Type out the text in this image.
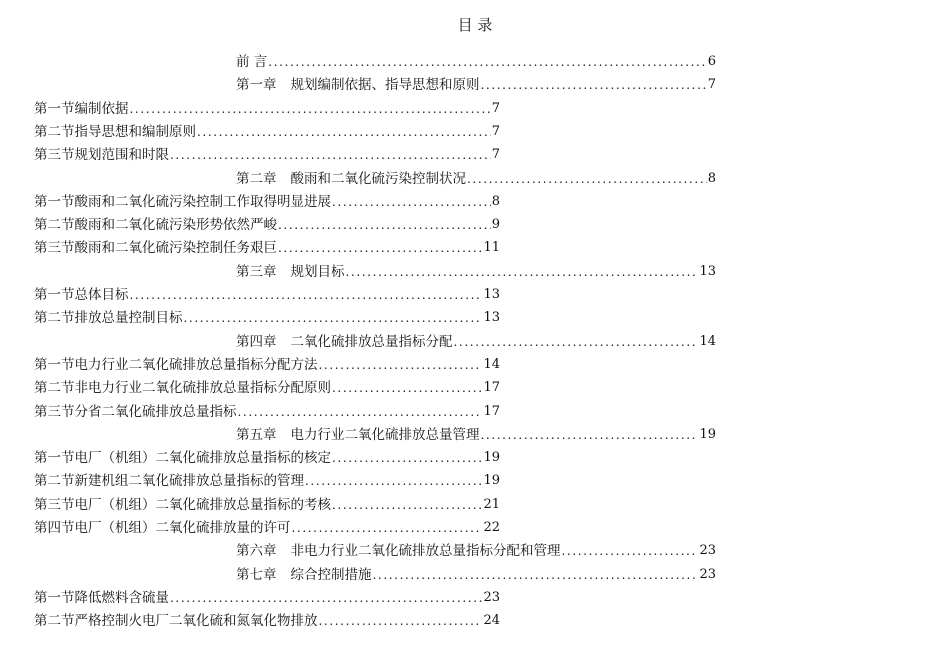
目 录
前 言 .....	6
第一章 规划编制依据、指导思想和原则 .....	7
第一节 编制依据 .....	7
第二节 指导思想和编制原则 .....	7
第三节 规划范围和时限 .....	7
第二章 酸雨和二氧化硫污染控制状况 .....	8
第一节 酸雨和二氧化硫污染控制工作取得明显进展 .....	8
第二节 酸雨和二氧化硫污染形势依然严峻 .....	9
第三节 酸雨和二氧化硫污染控制任务艰巨 .....	11
第三章 规划目标 .....	13
第一节 总体目标 .....	13
第二节 排放总量控制目标 .....	13
第四章 二氧化硫排放总量指标分配 .....	14
第一节 电力行业二氧化硫排放总量指标分配方法 .....	14
第二节 非电力行业二氧化硫排放总量指标分配原则 .....	17
第三节 分省二氧化硫排放总量指标 .....	17
第五章 电力行业二氧化硫排放总量管理 .....	19
第一节 电厂（机组）二氧化硫排放总量指标的核定 .....	19
第二节 新建机组二氧化硫排放总量指标的管理 .....	19
第三节 电厂（机组）二氧化硫排放总量指标的考核 .....	21
第四节 电厂（机组）二氧化硫排放量的许可 .....	22
第六章 非电力行业二氧化硫排放总量指标分配和管理 .....	23
第七章 综合控制措施 .....	23
第一节 降低燃料含硫量 .....	23
第二节 严格控制火电厂二氧化硫和氮氧化物排放 .....	24
